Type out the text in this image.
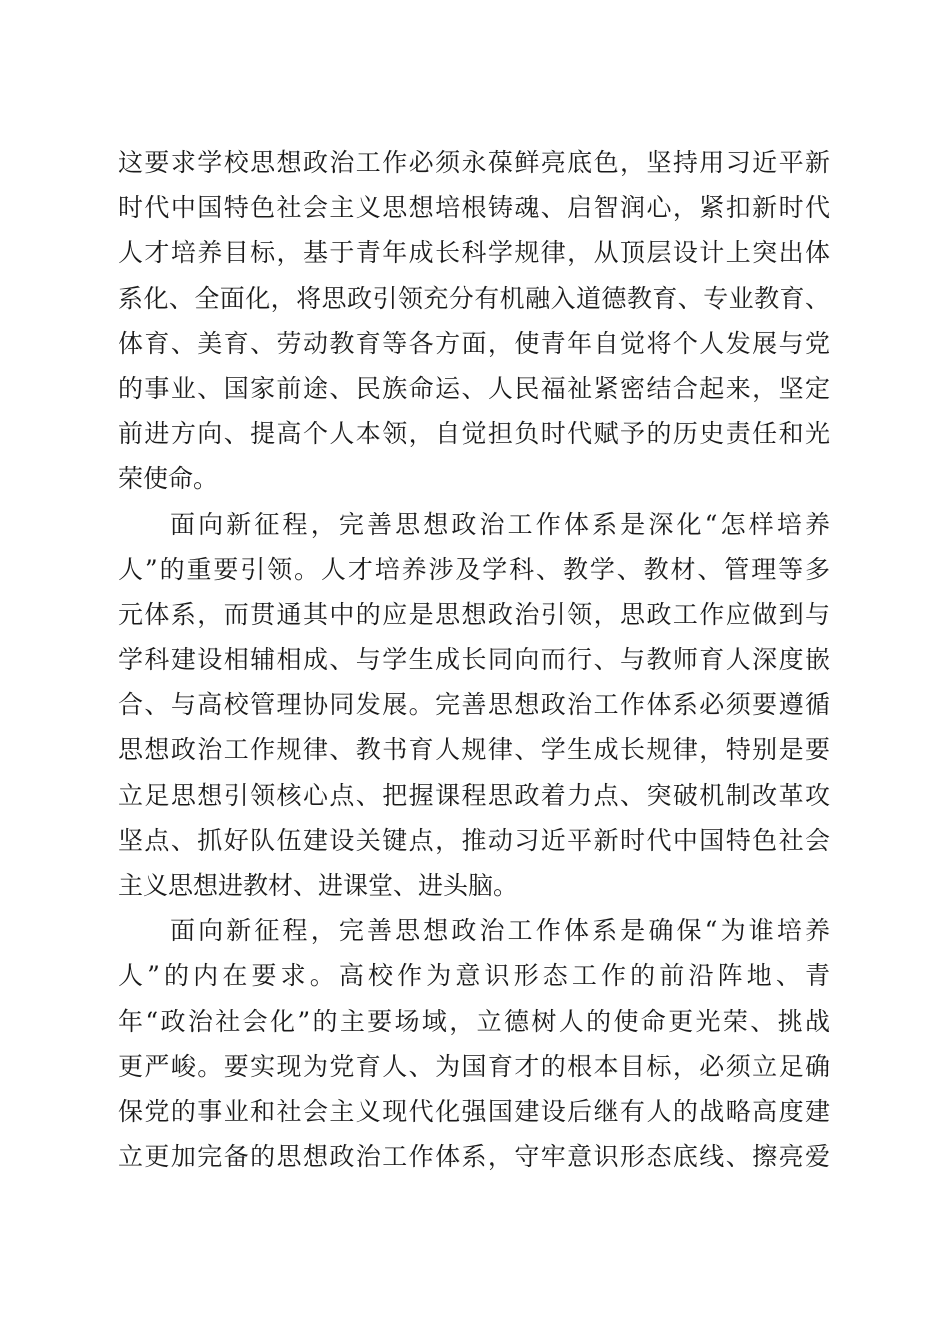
这要求学校思想政治工作必须永葆鲜亮底色，坚持用习近平新
时代中国特色社会主义思想培根铸魂、启智润心，紧扣新时代
人才培养目标，基于青年成长科学规律，从顶层设计上突出体
系化、全面化，将思政引领充分有机融入道德教育、专业教育、
体育、美育、劳动教育等各方面，使青年自觉将个人发展与党
的事业、国家前途、民族命运、人民福祉紧密结合起来，坚定
前进方向、提高个人本领，自觉担负时代赋予的历史责任和光
荣使命。
面向新征程，完善思想政治工作体系是深化“怎样培养
人”的重要引领。人才培养涉及学科、教学、教材、管理等多
元体系，而贯通其中的应是思想政治引领，思政工作应做到与
学科建设相辅相成、与学生成长同向而行、与教师育人深度嵌
合、与高校管理协同发展。完善思想政治工作体系必须要遵循
思想政治工作规律、教书育人规律、学生成长规律，特别是要
立足思想引领核心点、把握课程思政着力点、突破机制改革攻
坚点、抓好队伍建设关键点，推动习近平新时代中国特色社会
主义思想进教材、进课堂、进头脑。
面向新征程，完善思想政治工作体系是确保“为谁培养
人”的内在要求。高校作为意识形态工作的前沿阵地、青
年“政治社会化”的主要场域，立德树人的使命更光荣、挑战
更严峻。要实现为党育人、为国育才的根本目标，必须立足确
保党的事业和社会主义现代化强国建设后继有人的战略高度建
立更加完备的思想政治工作体系，守牢意识形态底线、擦亮爱
